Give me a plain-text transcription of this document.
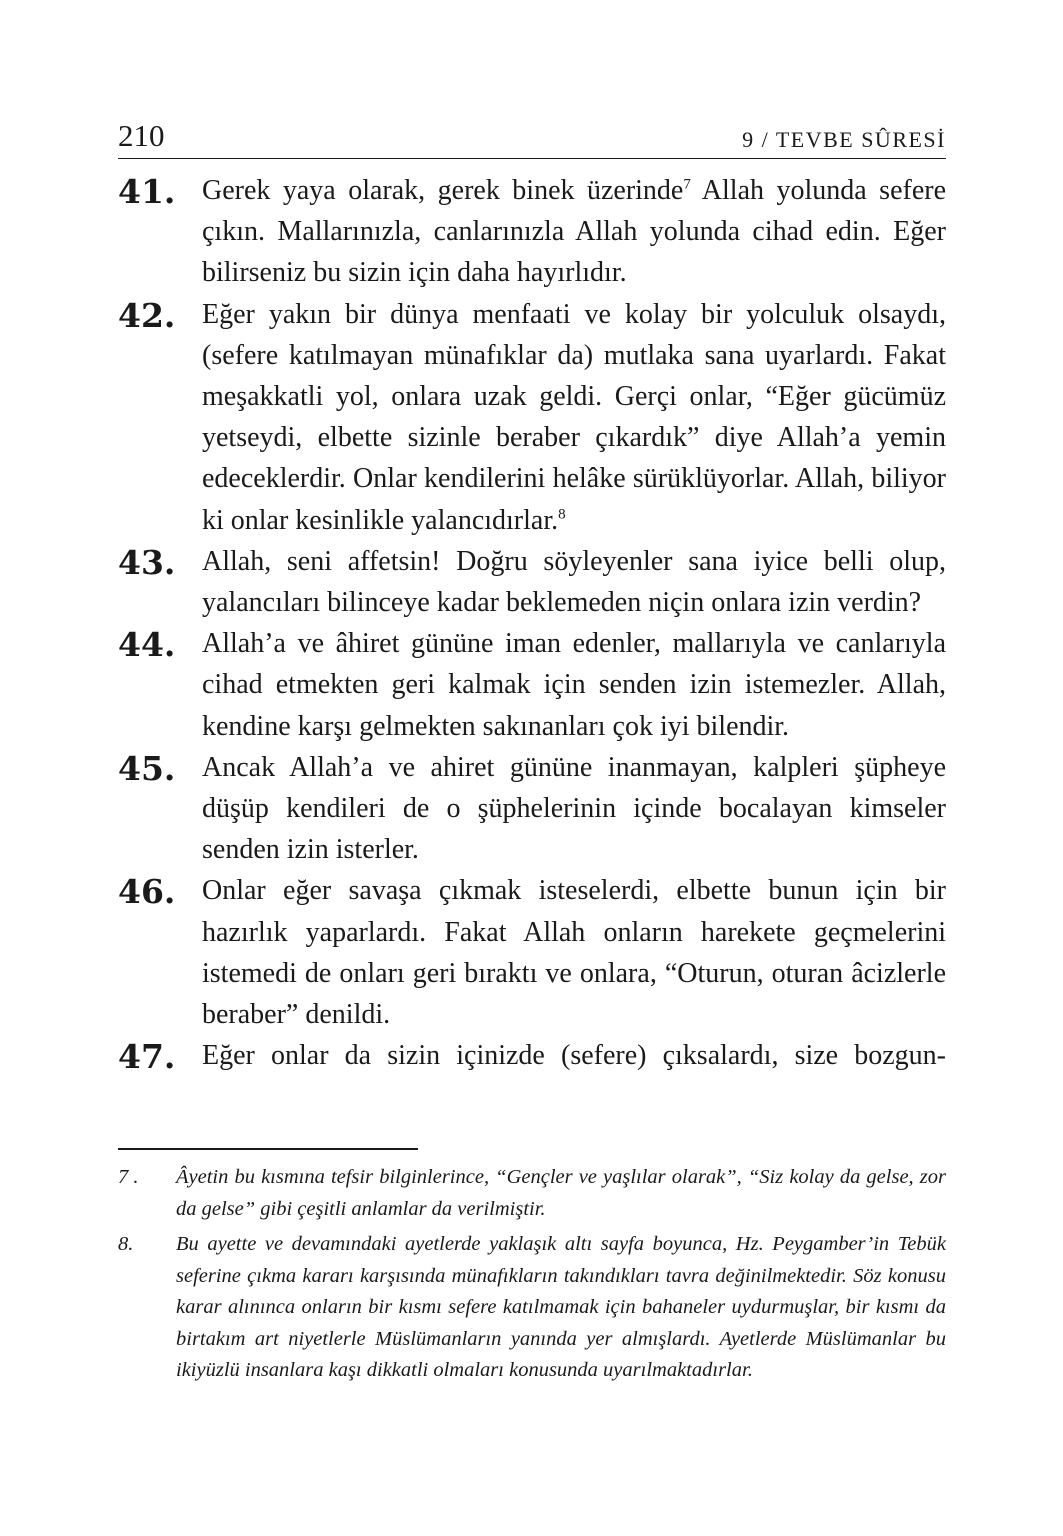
210	9 / TEVBE SÛRESİ
41. Gerek yaya olarak, gerek binek üzerinde$^7$ Allah yolunda sefere çıkın. Mallarınızla, canlarınızla Allah yolunda cihad edin. Eğer bilirseniz bu sizin için daha hayırlıdır.
42. Eğer yakın bir dünya menfaati ve kolay bir yolculuk olsaydı, (sefere katılmayan münafıklar da) mutlaka sana uyarlardı. Fakat meşakkatli yol, onlara uzak geldi. Gerçi onlar, “Eğer gücümüz yetseydi, elbette sizinle beraber çıkardık” diye Allah’a yemin edeceklerdir. Onlar kendilerini helâke sürüklüyorlar. Allah, biliyor ki onlar kesinlikle yalancıdırlar.$^8$
43. Allah, seni affetsin! Doğru söyleyenler sana iyice belli olup, yalancıları bilinceye kadar beklemeden niçin onlara izin verdin?
44. Allah’a ve âhiret gününe iman edenler, mallarıyla ve canlarıyla cihad etmekten geri kalmak için senden izin istemezler. Allah, kendine karşı gelmekten sakınanları çok iyi bilendir.
45. Ancak Allah’a ve ahiret gününe inanmayan, kalpleri şüpheye düşüp kendileri de o şüphelerinin içinde bocalayan kimseler senden izin isterler.
46. Onlar eğer savaşa çıkmak isteselerdi, elbette bunun için bir hazırlık yaparlardı. Fakat Allah onların harekete geçmelerini istemedi de onları geri bıraktı ve onlara, “Oturun, oturan âcizlerle beraber” denildi.
47. Eğer onlar da sizin içinizde (sefere) çıksalardı, size bozgun-
7 . Âyetin bu kısmına tefsir bilginlerince, “Gençler ve yaşlılar olarak”, “Siz kolay da gelse, zor da gelse” gibi çeşitli anlamlar da verilmiştir.
8. Bu ayette ve devamındaki ayetlerde yaklaşık altı sayfa boyunca, Hz. Peygamber’in Tebük seferine çıkma kararı karşısında münafıkların takındıkları tavra değinilmektedir. Söz konusu karar alınınca onların bir kısmı sefere katılmamak için bahaneler uydurmuşlar, bir kısmı da birtakım art niyetlerle Müslümanların yanında yer almışlardı. Ayetlerde Müslümanlar bu ikiyüzlü insanlara kaşı dikkatli olmaları konusunda uyarılmaktadırlar.
